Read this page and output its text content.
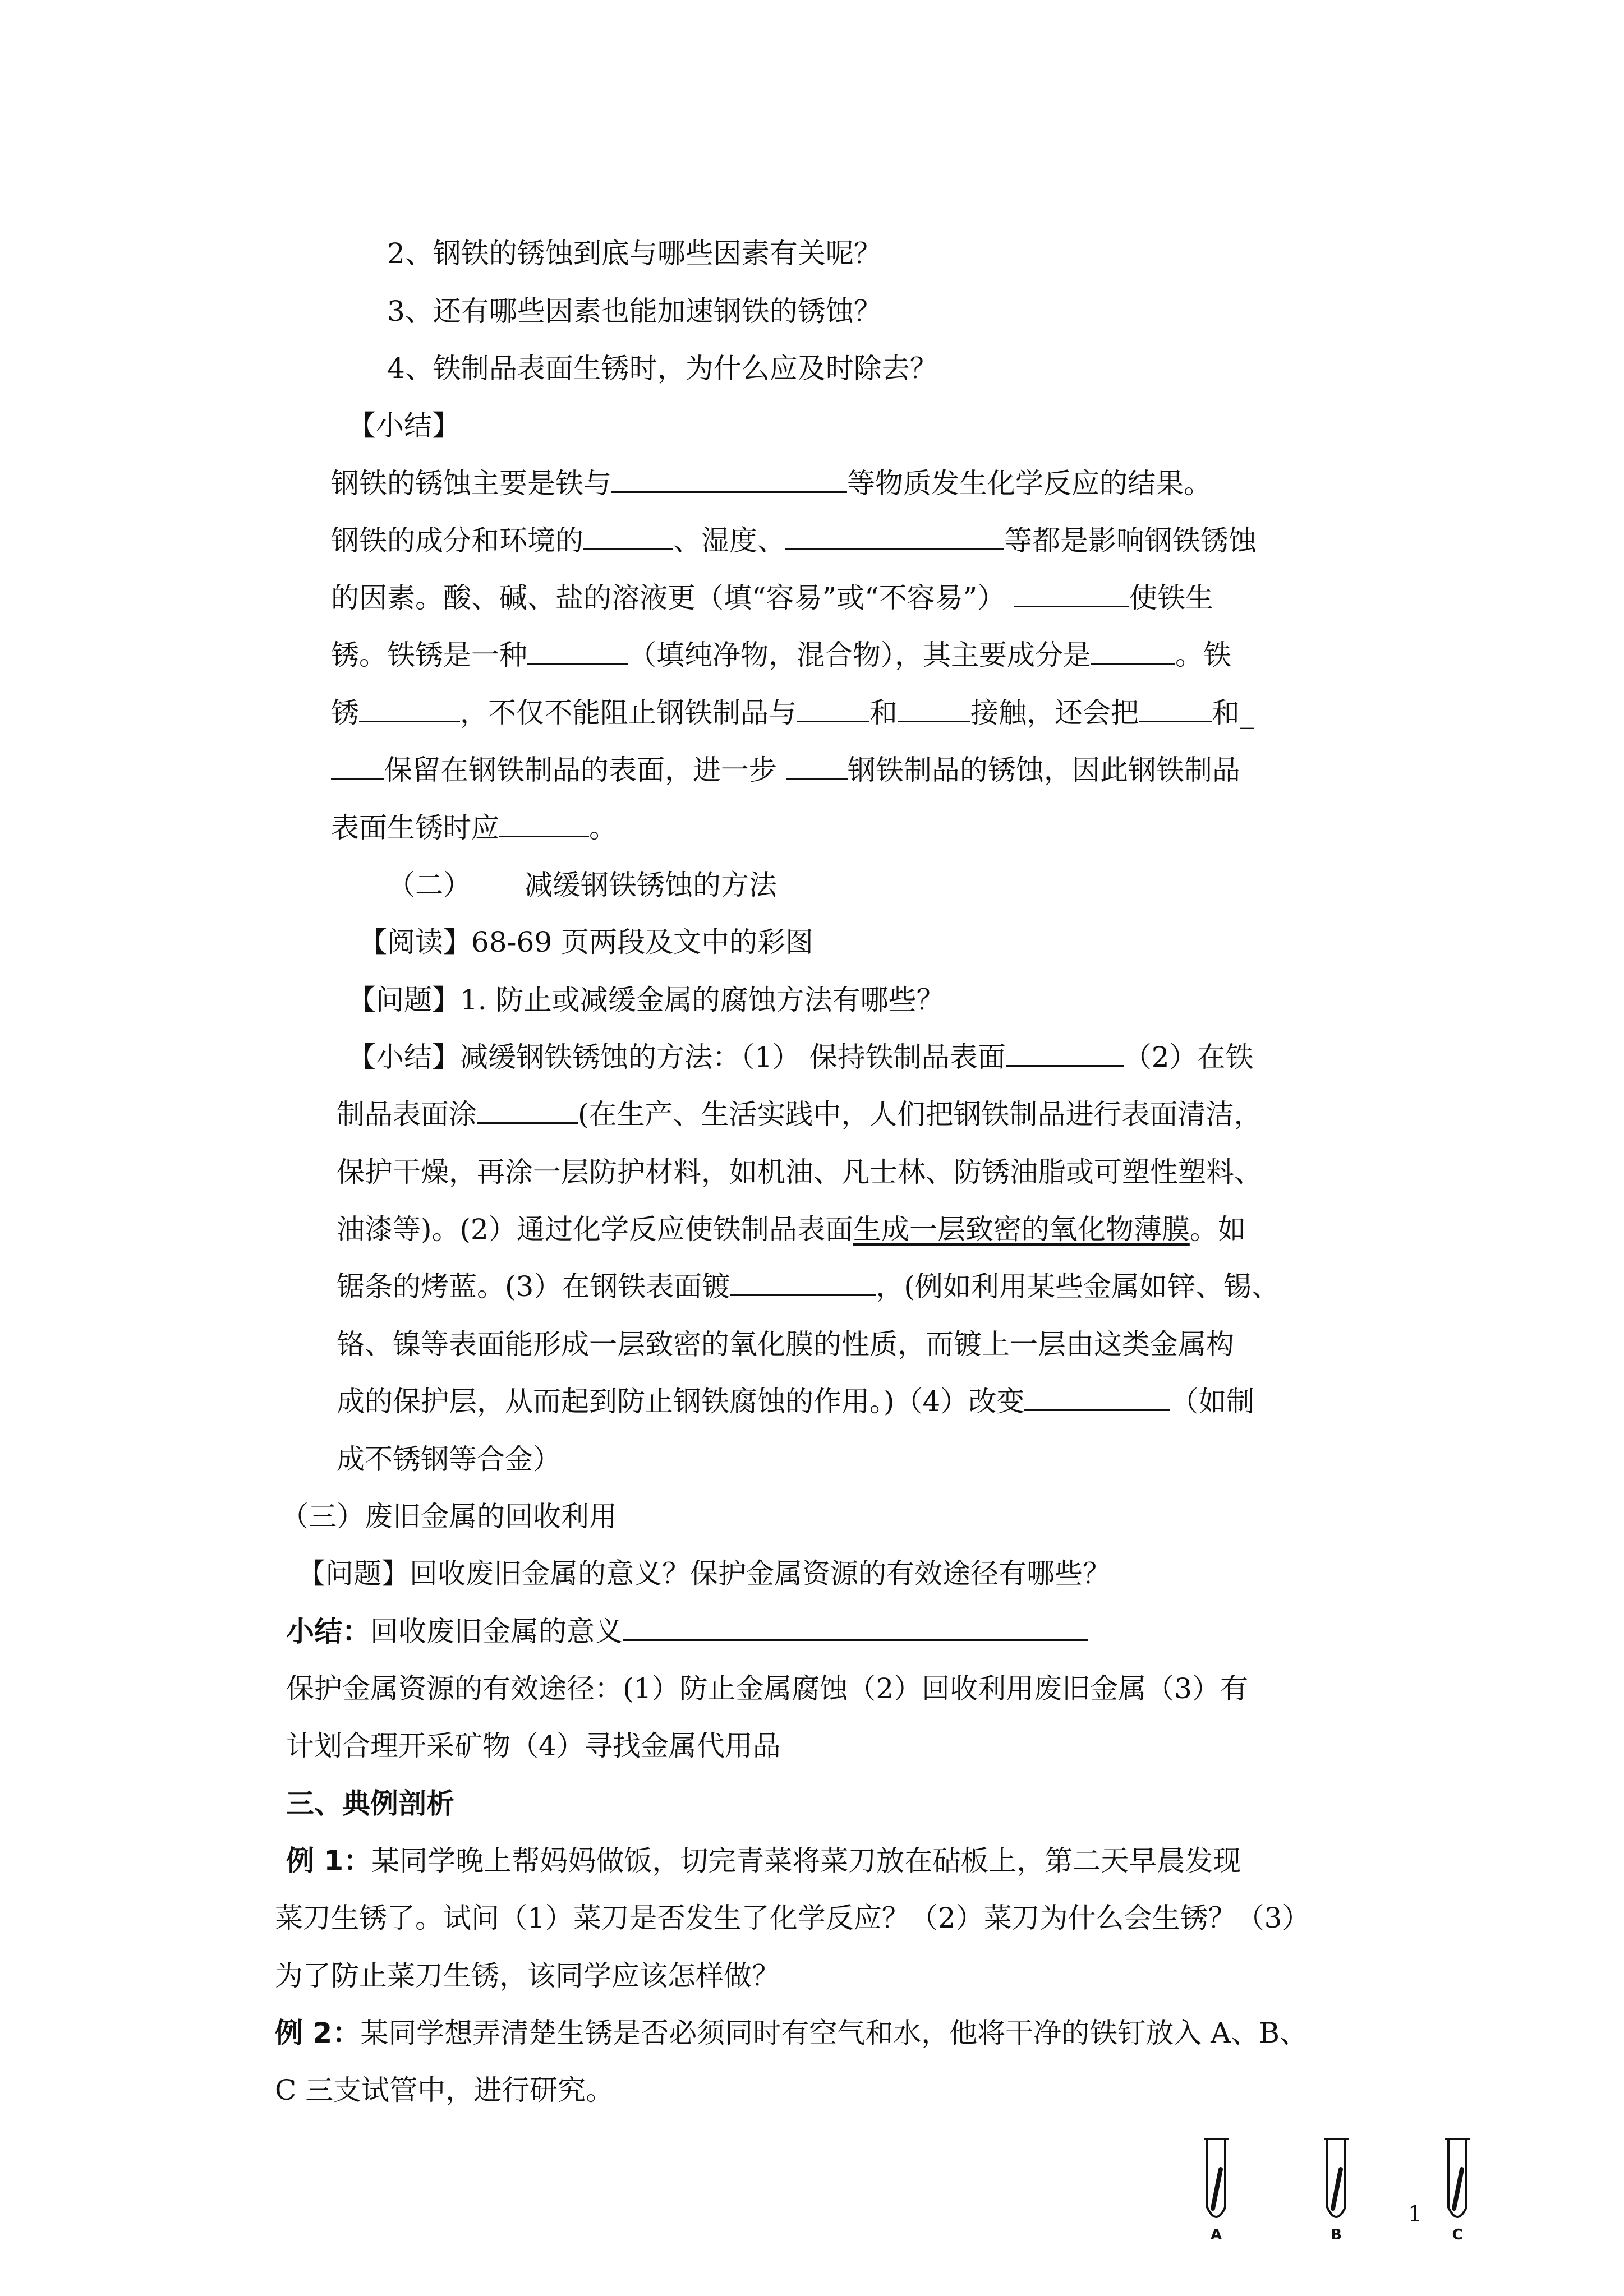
2、钢铁的锈蚀到底与哪些因素有关呢？
3、还有哪些因素也能加速钢铁的锈蚀？
4、铁制品表面生锈时，为什么应及时除去？
【小结】
钢铁的锈蚀主要是铁与	等物质发生化学反应的结果。
钢铁的成分和环境的	、湿度、	等都是影响钢铁锈蚀
的因素。酸、碱、盐的溶液更（填“容易”或“不容易”）	使铁生
锈。铁锈是一种	（填纯净物，混合物），其主要成分是	。铁
锈	，不仅不能阻止钢铁制品与	和	接触，还会把	和_
保留在钢铁制品的表面，进一步	钢铁制品的锈蚀，因此钢铁制品
表面生锈时应	。
（二） 减缓钢铁锈蚀的方法
【阅读】68-69 页两段及文中的彩图
【问题】1. 防止或减缓金属的腐蚀方法有哪些？
【小结】减缓钢铁锈蚀的方法：（1） 保持铁制品表面	（2）在铁
制品表面涂	(在生产、生活实践中，人们把钢铁制品进行表面清洁，
保护干燥，再涂一层防护材料，如机油、凡士林、防锈油脂或可塑性塑料、
油漆等)。(2）通过化学反应使铁制品表面生成一层致密的氧化物薄膜。如
锯条的烤蓝。(3）在钢铁表面镀	，(例如利用某些金属如锌、锡、
铬、镍等表面能形成一层致密的氧化膜的性质，而镀上一层由这类金属构
成的保护层，从而起到防止钢铁腐蚀的作用。)（4）改变	（如制
成不锈钢等合金）
（三）废旧金属的回收利用
【问题】回收废旧金属的意义？保护金属资源的有效途径有哪些？
小结：回收废旧金属的意义
保护金属资源的有效途径：(1）防止金属腐蚀（2）回收利用废旧金属（3）有
计划合理开采矿物（4）寻找金属代用品
三、典例剖析
例 1：某同学晚上帮妈妈做饭，切完青菜将菜刀放在砧板上，第二天早晨发现
菜刀生锈了。试问（1）菜刀是否发生了化学反应？（2）菜刀为什么会生锈？（3）
为了防止菜刀生锈，该同学应该怎样做？
例 2：某同学想弄清楚生锈是否必须同时有空气和水，他将干净的铁钉放入 A、B、
C 三支试管中，进行研究。
A	B	C
1
